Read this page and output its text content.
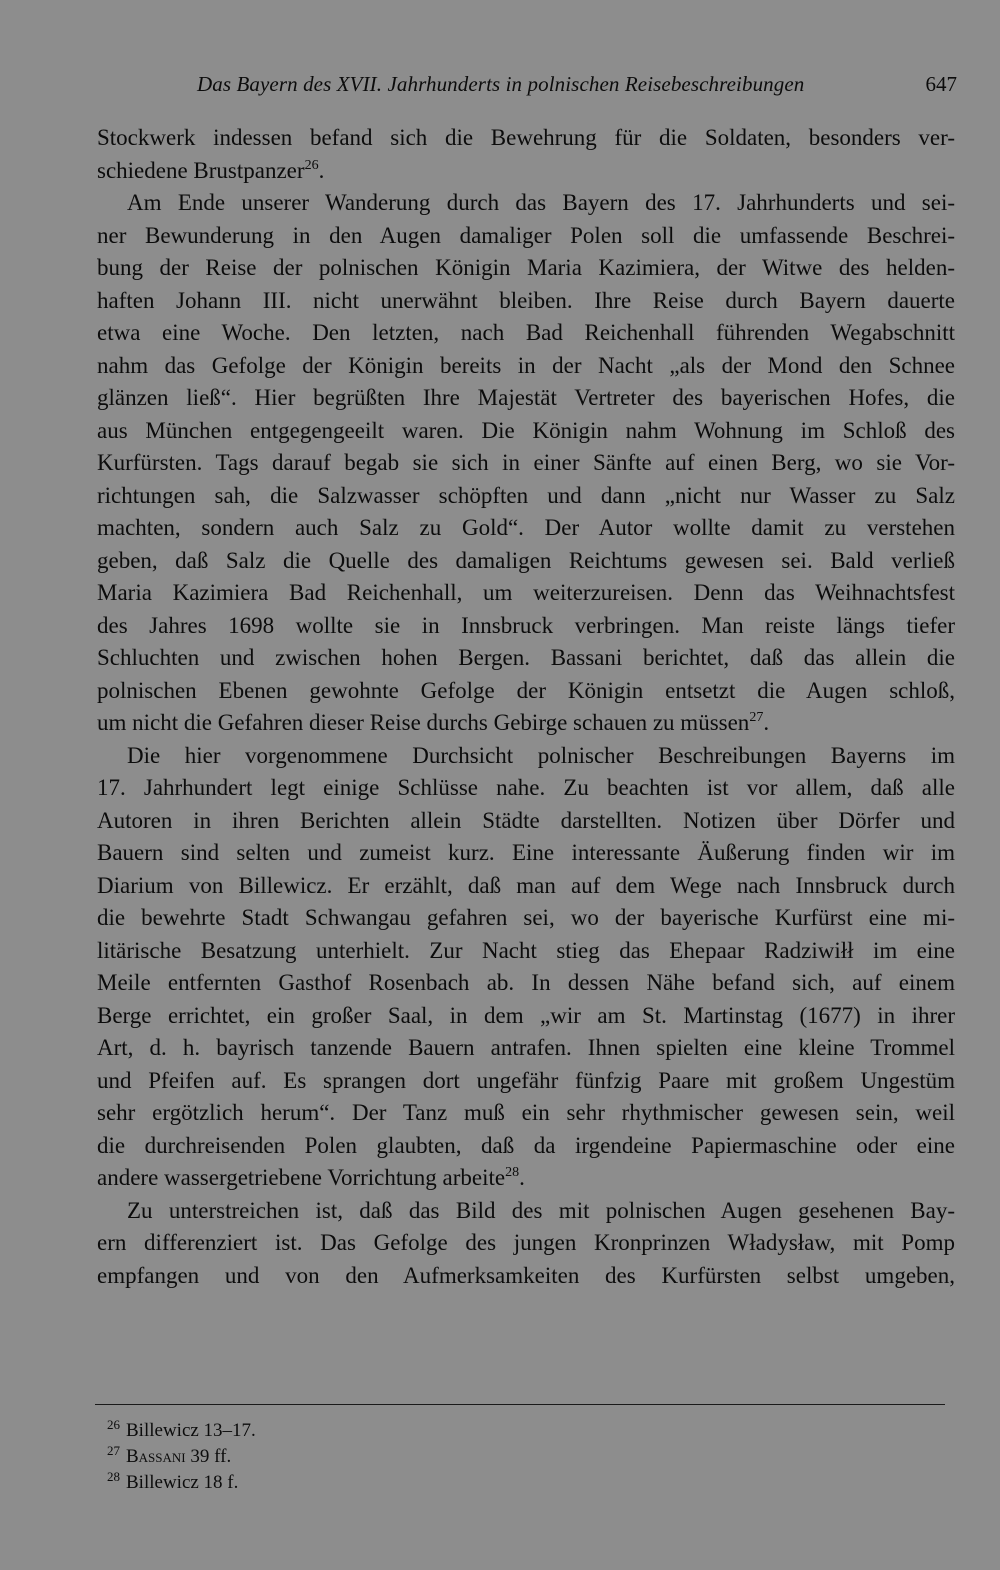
Das Bayern des XVII. Jahrhunderts in polnischen Reisebeschreibungen	647
Stockwerk indessen befand sich die Bewehrung für die Soldaten, besonders ver-
schiedene Brustpanzer$^{26}$.
Am Ende unserer Wanderung durch das Bayern des 17. Jahrhunderts und sei-
ner Bewunderung in den Augen damaliger Polen soll die umfassende Beschrei-
bung der Reise der polnischen Königin Maria Kazimiera, der Witwe des helden-
haften Johann III. nicht unerwähnt bleiben. Ihre Reise durch Bayern dauerte
etwa eine Woche. Den letzten, nach Bad Reichenhall führenden Wegabschnitt
nahm das Gefolge der Königin bereits in der Nacht „als der Mond den Schnee
glänzen ließ“. Hier begrüßten Ihre Majestät Vertreter des bayerischen Hofes, die
aus München entgegengeeilt waren. Die Königin nahm Wohnung im Schloß des
Kurfürsten. Tags darauf begab sie sich in einer Sänfte auf einen Berg, wo sie Vor-
richtungen sah, die Salzwasser schöpften und dann „nicht nur Wasser zu Salz
machten, sondern auch Salz zu Gold“. Der Autor wollte damit zu verstehen
geben, daß Salz die Quelle des damaligen Reichtums gewesen sei. Bald verließ
Maria Kazimiera Bad Reichenhall, um weiterzureisen. Denn das Weihnachtsfest
des Jahres 1698 wollte sie in Innsbruck verbringen. Man reiste längs tiefer
Schluchten und zwischen hohen Bergen. Bassani berichtet, daß das allein die
polnischen Ebenen gewohnte Gefolge der Königin entsetzt die Augen schloß,
um nicht die Gefahren dieser Reise durchs Gebirge schauen zu müssen$^{27}$.
Die hier vorgenommene Durchsicht polnischer Beschreibungen Bayerns im
17. Jahrhundert legt einige Schlüsse nahe. Zu beachten ist vor allem, daß alle
Autoren in ihren Berichten allein Städte darstellten. Notizen über Dörfer und
Bauern sind selten und zumeist kurz. Eine interessante Äußerung finden wir im
Diarium von Billewicz. Er erzählt, daß man auf dem Wege nach Innsbruck durch
die bewehrte Stadt Schwangau gefahren sei, wo der bayerische Kurfürst eine mi-
litärische Besatzung unterhielt. Zur Nacht stieg das Ehepaar Radziwiłł im eine
Meile entfernten Gasthof Rosenbach ab. In dessen Nähe befand sich, auf einem
Berge errichtet, ein großer Saal, in dem „wir am St. Martinstag (1677) in ihrer
Art, d. h. bayrisch tanzende Bauern antrafen. Ihnen spielten eine kleine Trommel
und Pfeifen auf. Es sprangen dort ungefähr fünfzig Paare mit großem Ungestüm
sehr ergötzlich herum“. Der Tanz muß ein sehr rhythmischer gewesen sein, weil
die durchreisenden Polen glaubten, daß da irgendeine Papiermaschine oder eine
andere wassergetriebene Vorrichtung arbeite$^{28}$.
Zu unterstreichen ist, daß das Bild des mit polnischen Augen gesehenen Bay-
ern differenziert ist. Das Gefolge des jungen Kronprinzen Władysław, mit Pomp
empfangen und von den Aufmerksamkeiten des Kurfürsten selbst umgeben,
$^{26}$ Billewicz 13–17.
$^{27}$ Bassani 39 ff.
$^{28}$ Billewicz 18 f.
